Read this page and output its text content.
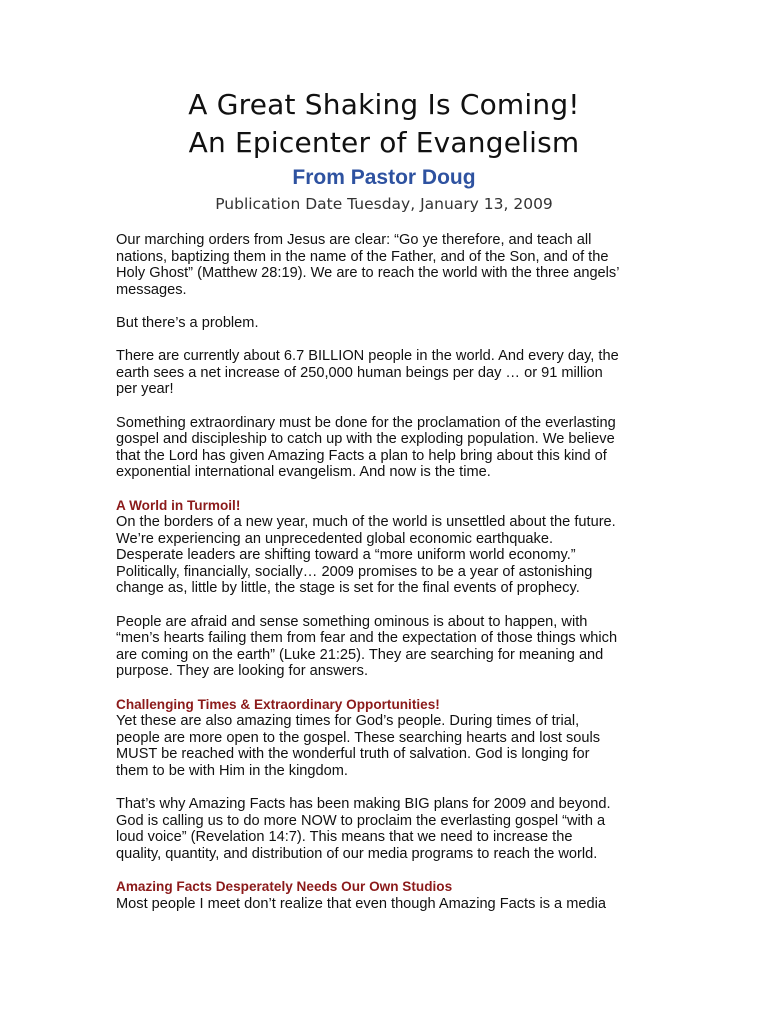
A Great Shaking Is Coming!
An Epicenter of Evangelism
From Pastor Doug
Publication Date Tuesday, January 13, 2009

Our marching orders from Jesus are clear: “Go ye therefore, and teach all
nations, baptizing them in the name of the Father, and of the Son, and of the
Holy Ghost” (Matthew 28:19). We are to reach the world with the three angels’
messages.

But there’s a problem.

There are currently about 6.7 BILLION people in the world. And every day, the
earth sees a net increase of 250,000 human beings per day … or 91 million
per year!

Something extraordinary must be done for the proclamation of the everlasting
gospel and discipleship to catch up with the exploding population. We believe
that the Lord has given Amazing Facts a plan to help bring about this kind of
exponential international evangelism. And now is the time.

A World in Turmoil!

On the borders of a new year, much of the world is unsettled about the future.
We’re experiencing an unprecedented global economic earthquake.
Desperate leaders are shifting toward a “more uniform world economy.”
Politically, financially, socially… 2009 promises to be a year of astonishing
change as, little by little, the stage is set for the final events of prophecy.

People are afraid and sense something ominous is about to happen, with
“men’s hearts failing them from fear and the expectation of those things which
are coming on the earth” (Luke 21:25). They are searching for meaning and
purpose. They are looking for answers.

Challenging Times & Extraordinary Opportunities!

Yet these are also amazing times for God’s people. During times of trial,
people are more open to the gospel. These searching hearts and lost souls
MUST be reached with the wonderful truth of salvation. God is longing for
them to be with Him in the kingdom.

That’s why Amazing Facts has been making BIG plans for 2009 and beyond.
God is calling us to do more NOW to proclaim the everlasting gospel “with a
loud voice” (Revelation 14:7). This means that we need to increase the
quality, quantity, and distribution of our media programs to reach the world.

Amazing Facts Desperately Needs Our Own Studios

Most people I meet don’t realize that even though Amazing Facts is a media
